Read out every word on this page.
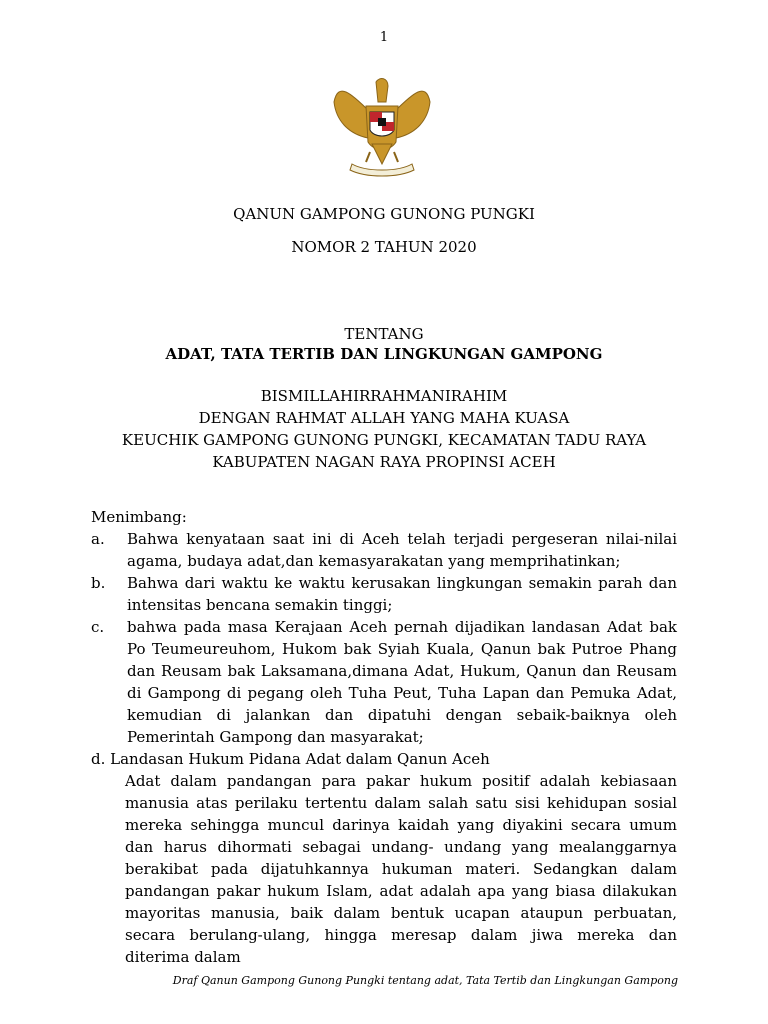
1
QANUN GAMPONG GUNONG PUNGKI
NOMOR 2 TAHUN 2020
TENTANG
ADAT, TATA TERTIB DAN LINGKUNGAN GAMPONG
BISMILLAHIRRAHMANIRAHIM
DENGAN RAHMAT ALLAH YANG MAHA KUASA
KEUCHIK GAMPONG GUNONG PUNGKI, KECAMATAN TADU RAYA
KABUPATEN NAGAN RAYA PROPINSI ACEH
Menimbang:
a.	Bahwa kenyataan saat ini di Aceh telah terjadi pergeseran nilai-nilai agama, budaya adat,dan kemasyarakatan yang memprihatinkan;
b.	Bahwa dari waktu ke waktu kerusakan lingkungan semakin parah dan intensitas bencana semakin tinggi;
c.	bahwa pada masa Kerajaan Aceh pernah dijadikan landasan Adat bak Po Teumeureuhom, Hukom bak Syiah Kuala, Qanun bak Putroe Phang dan Reusam bak Laksamana,dimana Adat, Hukum, Qanun dan Reusam di Gampong di pegang oleh Tuha Peut, Tuha Lapan dan Pemuka Adat, kemudian di jalankan dan dipatuhi dengan sebaik-baiknya oleh Pemerintah Gampong dan masyarakat;
d. Landasan Hukum Pidana Adat dalam Qanun Aceh
Adat dalam pandangan para pakar hukum positif adalah kebiasaan manusia atas perilaku tertentu dalam salah satu sisi kehidupan sosial mereka sehingga muncul darinya kaidah yang diyakini secara umum dan harus dihormati sebagai undang- undang yang mealanggarnya berakibat pada dijatuhkannya hukuman materi. Sedangkan dalam pandangan pakar hukum Islam, adat adalah apa yang biasa dilakukan mayoritas manusia, baik dalam bentuk ucapan ataupun perbuatan, secara berulang-ulang, hingga meresap dalam jiwa mereka dan diterima dalam
Draf Qanun Gampong Gunong Pungki tentang adat, Tata Tertib dan Lingkungan Gampong
